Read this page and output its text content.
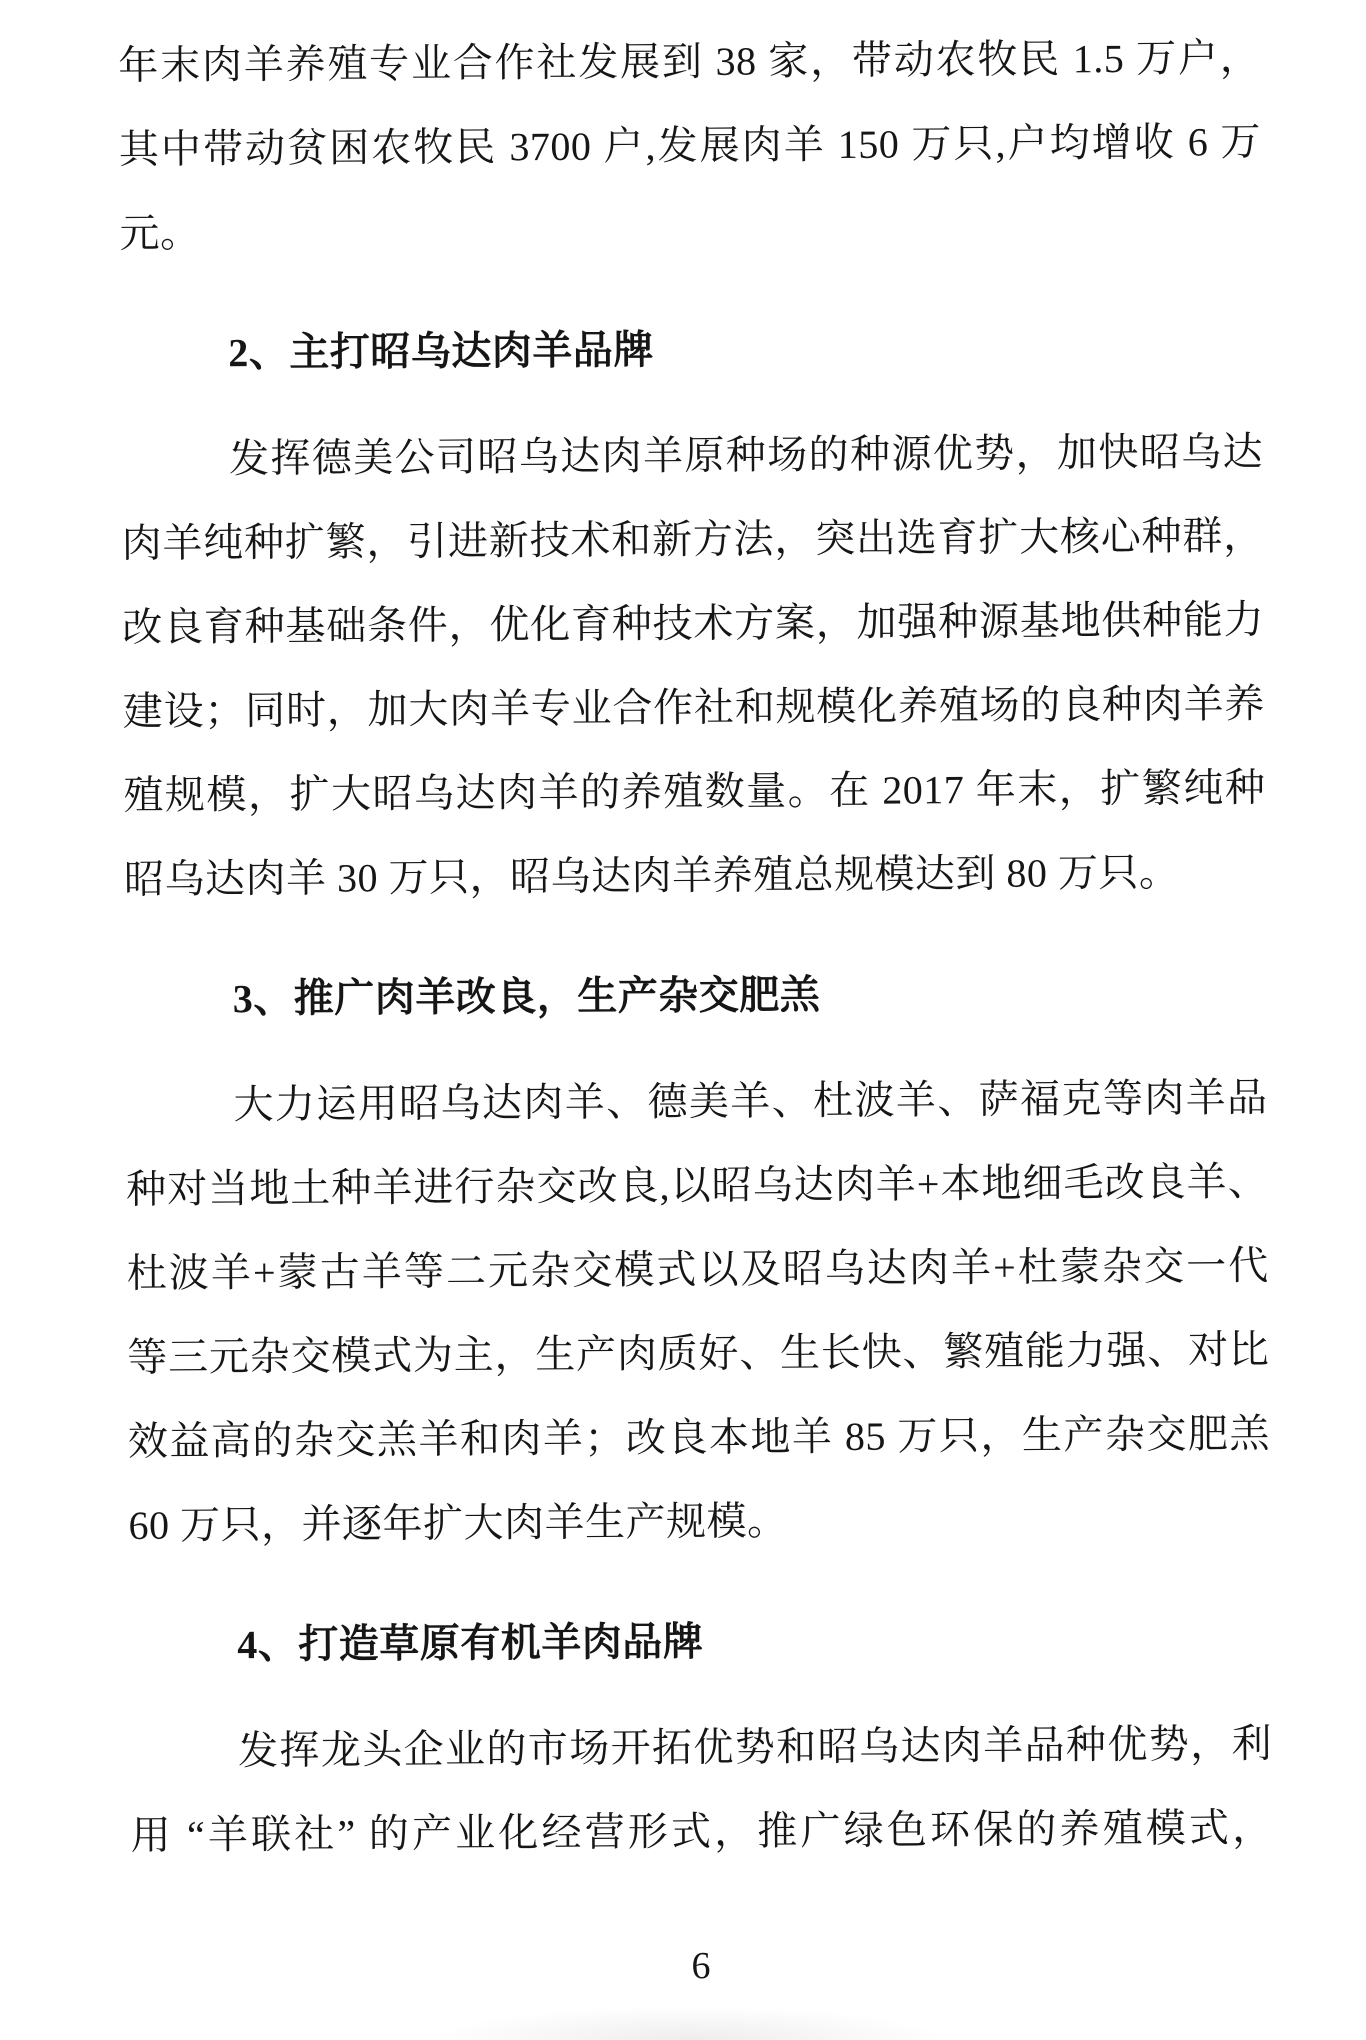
年末肉羊养殖专业合作社发展到 38 家，带动农牧民 1.5 万户，
其中带动贫困农牧民 3700 户,发展肉羊 150 万只,户均增收 6 万
元。
2、主打昭乌达肉羊品牌
发挥德美公司昭乌达肉羊原种场的种源优势，加快昭乌达
肉羊纯种扩繁，引进新技术和新方法，突出选育扩大核心种群，
改良育种基础条件，优化育种技术方案，加强种源基地供种能力
建设；同时，加大肉羊专业合作社和规模化养殖场的良种肉羊养
殖规模，扩大昭乌达肉羊的养殖数量。在 2017 年末，扩繁纯种
昭乌达肉羊 30 万只，昭乌达肉羊养殖总规模达到 80 万只。
3、推广肉羊改良，生产杂交肥羔
大力运用昭乌达肉羊、德美羊、杜波羊、萨福克等肉羊品
种对当地土种羊进行杂交改良,以昭乌达肉羊+本地细毛改良羊、
杜波羊+蒙古羊等二元杂交模式以及昭乌达肉羊+杜蒙杂交一代
等三元杂交模式为主，生产肉质好、生长快、繁殖能力强、对比
效益高的杂交羔羊和肉羊；改良本地羊 85 万只，生产杂交肥羔
60 万只，并逐年扩大肉羊生产规模。
4、打造草原有机羊肉品牌
发挥龙头企业的市场开拓优势和昭乌达肉羊品种优势，利
用 “羊联社” 的产业化经营形式，推广绿色环保的养殖模式，
6
